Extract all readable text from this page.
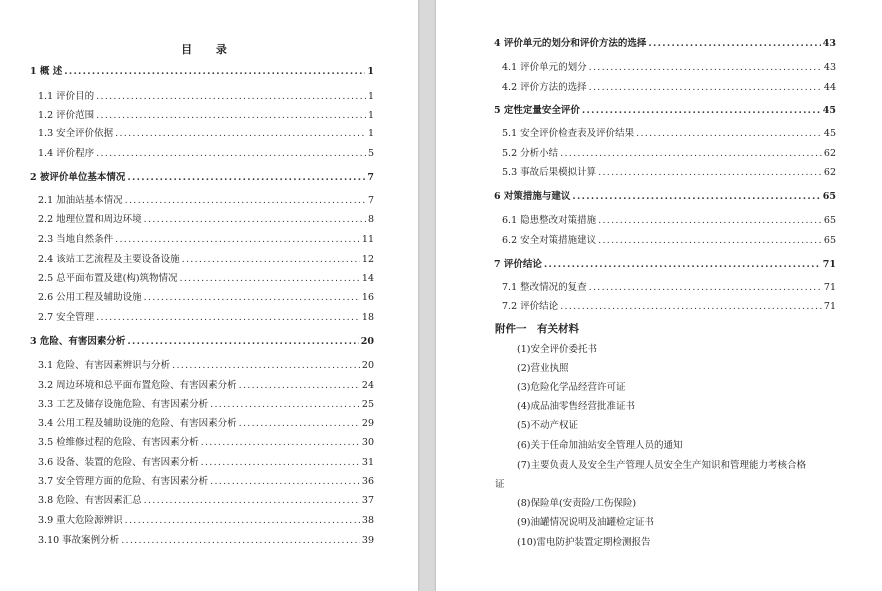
目 录
1 概 述 .....	1
1.1 评价目的 .....	1
1.2 评价范围 .....	1
1.3 安全评价依据 .....	1
1.4 评价程序 .....	5
2 被评价单位基本情况 .....	7
2.1 加油站基本情况 .....	7
2.2 地理位置和周边环境 .....	8
2.3 当地自然条件 .....	11
2.4 该站工艺流程及主要设备设施 .....	12
2.5 总平面布置及建(构)筑物情况 .....	14
2.6 公用工程及辅助设施 .....	16
2.7 安全管理 .....	18
3 危险、有害因素分析 .....	20
3.1 危险、有害因素辨识与分析 .....	20
3.2 周边环境和总平面布置危险、有害因素分析 .....	24
3.3 工艺及储存设施危险、有害因素分析 .....	25
3.4 公用工程及辅助设施的危险、有害因素分析 .....	29
3.5 检维修过程的危险、有害因素分析 .....	30
3.6 设备、装置的危险、有害因素分析 .....	31
3.7 安全管理方面的危险、有害因素分析 .....	36
3.8 危险、有害因素汇总 .....	37
3.9 重大危险源辨识 .....	38
3.10 事故案例分析 .....	39
4 评价单元的划分和评价方法的选择 .....	43
4.1 评价单元的划分 .....	43
4.2 评价方法的选择 .....	44
5 定性定量安全评价 .....	45
5.1 安全评价检查表及评价结果 .....	45
5.2 分析小结 .....	62
5.3 事故后果模拟计算 .....	62
6 对策措施与建议 .....	65
6.1 隐患整改对策措施 .....	65
6.2 安全对策措施建议 .....	65
7 评价结论 .....	71
7.1 整改情况的复查 .....	71
7.2 评价结论 .....	71
附件一　有关材料
(1)安全评价委托书
(2)营业执照
(3)危险化学品经营许可证
(4)成品油零售经营批准证书
(5)不动产权证
(6)关于任命加油站安全管理人员的通知
(7)主要负责人及安全生产管理人员安全生产知识和管理能力考核合格
(8)保险单(安责险/工伤保险)
(9)油罐情况说明及油罐检定证书
(10)雷电防护装置定期检测报告
证
